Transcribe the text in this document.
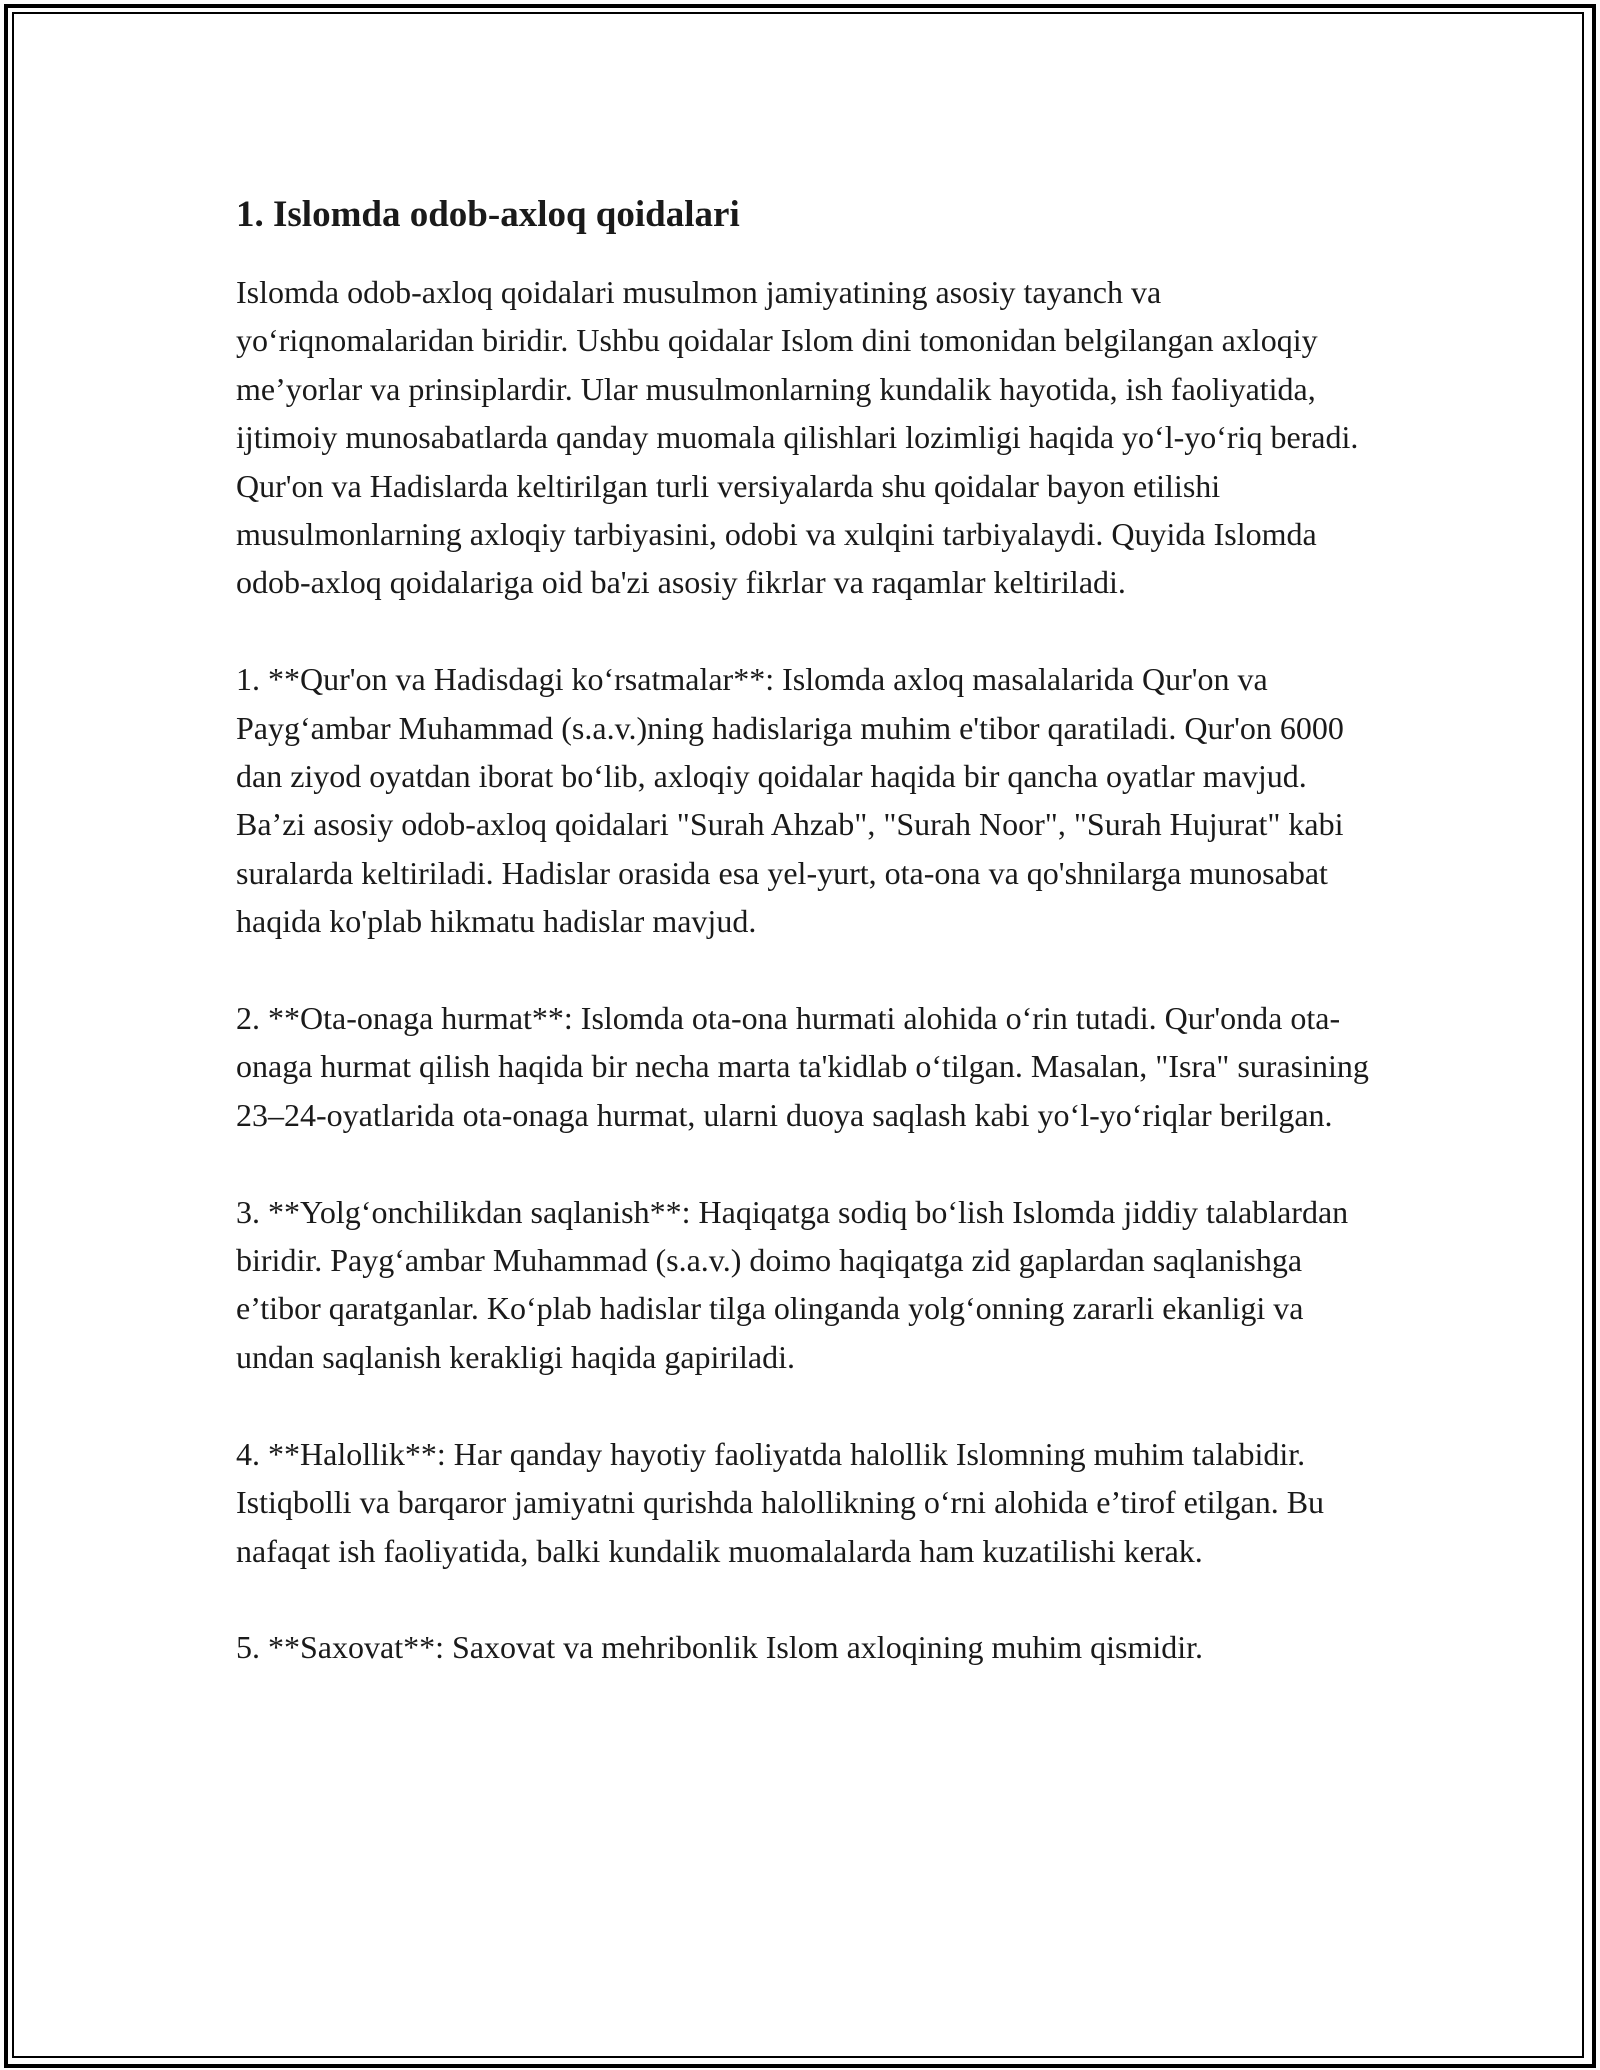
1. Islomda odob-axloq qoidalari

Islomda odob-axloq qoidalari musulmon jamiyatining asosiy tayanch va yo‘riqnomalaridan biridir. Ushbu qoidalar Islom dini tomonidan belgilangan axloqiy me’yorlar va prinsiplardir. Ular musulmonlarning kundalik hayotida, ish faoliyatida, ijtimoiy munosabatlarda qanday muomala qilishlari lozimligi haqida yo‘l-yo‘riq beradi. Qur'on va Hadislarda keltirilgan turli versiyalarda shu qoidalar bayon etilishi musulmonlarning axloqiy tarbiyasini, odobi va xulqini tarbiyalaydi. Quyida Islomda odob-axloq qoidalariga oid ba'zi asosiy fikrlar va raqamlar keltiriladi.

1. **Qur'on va Hadisdagi ko‘rsatmalar**: Islomda axloq masalalarida Qur'on va Payg‘ambar Muhammad (s.a.v.)ning hadislariga muhim e'tibor qaratiladi. Qur'on 6000 dan ziyod oyatdan iborat bo‘lib, axloqiy qoidalar haqida bir qancha oyatlar mavjud. Ba’zi asosiy odob-axloq qoidalari "Surah Ahzab", "Surah Noor", "Surah Hujurat" kabi suralarda keltiriladi. Hadislar orasida esa yel-yurt, ota-ona va qo'shnilarga munosabat haqida ko'plab hikmatu hadislar mavjud.

2. **Ota-onaga hurmat**: Islomda ota-ona hurmati alohida o‘rin tutadi. Qur'onda ota-onaga hurmat qilish haqida bir necha marta ta'kidlab o‘tilgan. Masalan, "Isra" surasining 23–24-oyatlarida ota-onaga hurmat, ularni duoya saqlash kabi yo‘l-yo‘riqlar berilgan.

3. **Yolg‘onchilikdan saqlanish**: Haqiqatga sodiq bo‘lish Islomda jiddiy talablardan biridir. Payg‘ambar Muhammad (s.a.v.) doimo haqiqatga zid gaplardan saqlanishga e’tibor qaratganlar. Ko‘plab hadislar tilga olinganda yolg‘onning zararli ekanligi va undan saqlanish kerakligi haqida gapiriladi.

4. **Halollik**: Har qanday hayotiy faoliyatda halollik Islomning muhim talabidir. Istiqbolli va barqaror jamiyatni qurishda halollikning o‘rni alohida e’tirof etilgan. Bu nafaqat ish faoliyatida, balki kundalik muomalalarda ham kuzatilishi kerak.

5. **Saxovat**: Saxovat va mehribonlik Islom axloqining muhim qismidir.
